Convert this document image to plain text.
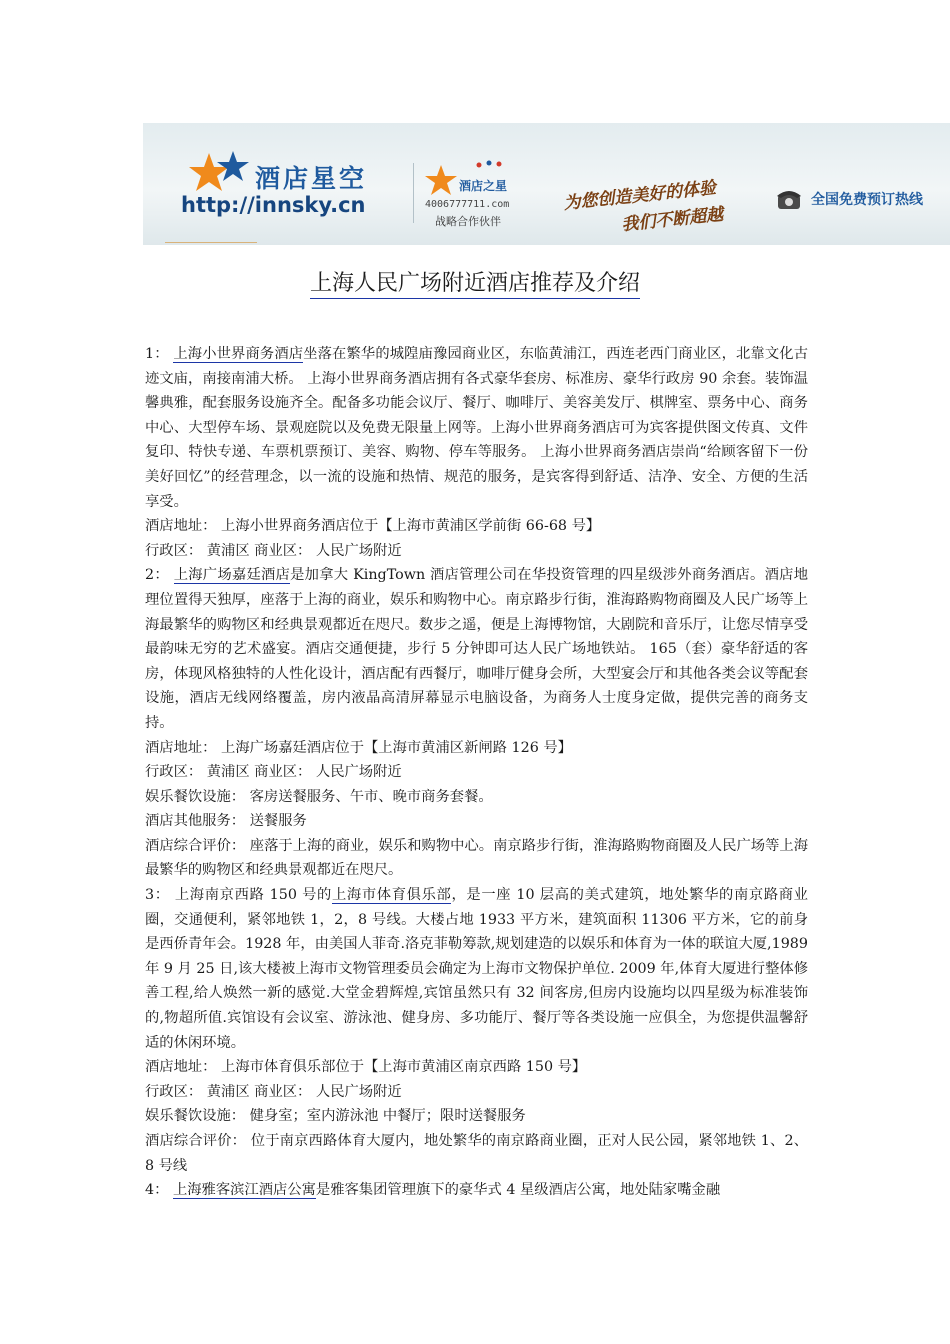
酒店星空
http://innsky.cn
酒店之星
4006777711.com
战略合作伙伴
为您创造美好的体验
我们不断超越
全国免费预订热线
上海人民广场附近酒店推荐及介绍

1： 上海小世界商务酒店坐落在繁华的城隍庙豫园商业区，东临黄浦江，西连老西门商业区，北靠文化古迹文庙，南接南浦大桥。 上海小世界商务酒店拥有各式豪华套房、标准房、豪华行政房 90 余套。装饰温馨典雅，配套服务设施齐全。配备多功能会议厅、餐厅、咖啡厅、美容美发厅、棋牌室、票务中心、商务中心、大型停车场、景观庭院以及免费无限量上网等。上海小世界商务酒店可为宾客提供图文传真、文件复印、特快专递、车票机票预订、美容、购物、停车等服务。 上海小世界商务酒店崇尚“给顾客留下一份美好回忆”的经营理念，以一流的设施和热情、规范的服务，是宾客得到舒适、洁净、安全、方便的生活享受。

酒店地址： 上海小世界商务酒店位于【上海市黄浦区学前街 66-68 号】

行政区： 黄浦区 商业区： 人民广场附近

2： 上海广场嘉廷酒店是加拿大 KingTown 酒店管理公司在华投资管理的四星级涉外商务酒店。酒店地理位置得天独厚，座落于上海的商业，娱乐和购物中心。南京路步行街，淮海路购物商圈及人民广场等上海最繁华的购物区和经典景观都近在咫尺。数步之遥，便是上海博物馆，大剧院和音乐厅，让您尽情享受最韵味无穷的艺术盛宴。酒店交通便捷，步行 5 分钟即可达人民广场地铁站。 165（套）豪华舒适的客房，体现风格独特的人性化设计，酒店配有西餐厅，咖啡厅健身会所，大型宴会厅和其他各类会议等配套设施，酒店无线网络覆盖，房内液晶高清屏幕显示电脑设备，为商务人士度身定做，提供完善的商务支持。

酒店地址： 上海广场嘉廷酒店位于【上海市黄浦区新闸路 126 号】

行政区： 黄浦区 商业区： 人民广场附近

娱乐餐饮设施： 客房送餐服务、午市、晚市商务套餐。

酒店其他服务： 送餐服务

酒店综合评价： 座落于上海的商业，娱乐和购物中心。南京路步行街，淮海路购物商圈及人民广场等上海最繁华的购物区和经典景观都近在咫尺。

3： 上海南京西路 150 号的上海市体育俱乐部，是一座 10 层高的美式建筑，地处繁华的南京路商业圈，交通便利，紧邻地铁 1，2，8 号线。大楼占地 1933 平方米，建筑面积 11306 平方米，它的前身是西侨青年会。1928 年，由美国人菲奇.洛克菲勒筹款,规划建造的以娱乐和体育为一体的联谊大厦,1989 年 9 月 25 日,该大楼被上海市文物管理委员会确定为上海市文物保护单位. 2009 年,体育大厦进行整体修善工程,给人焕然一新的感觉.大堂金碧辉煌,宾馆虽然只有 32 间客房,但房内设施均以四星级为标准装饰的,物超所值.宾馆设有会议室、游泳池、健身房、多功能厅、餐厅等各类设施一应俱全，为您提供温馨舒适的休闲环境。

酒店地址： 上海市体育俱乐部位于【上海市黄浦区南京西路 150 号】

行政区： 黄浦区 商业区： 人民广场附近

娱乐餐饮设施： 健身室；室内游泳池 中餐厅；限时送餐服务

酒店综合评价： 位于南京西路体育大厦内，地处繁华的南京路商业圈，正对人民公园，紧邻地铁 1、2、8 号线

4： 上海雅客滨江酒店公寓是雅客集团管理旗下的豪华式 4 星级酒店公寓，地处陆家嘴金融
